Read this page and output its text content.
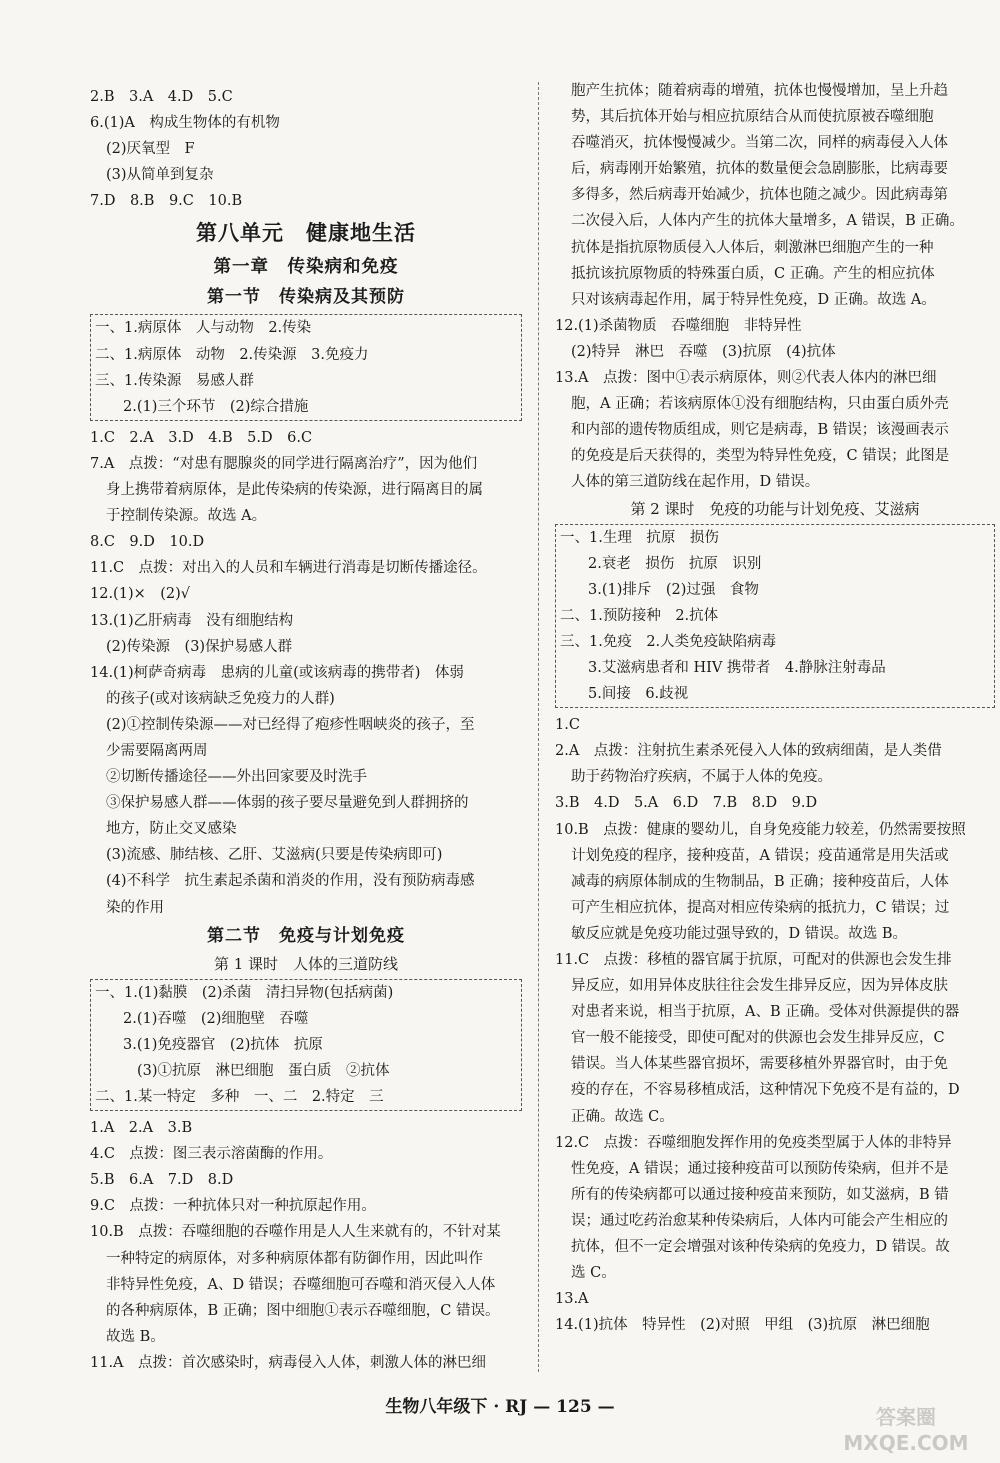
2.B　3.A　4.D　5.C
6.(1)A　构成生物体的有机物
(2)厌氧型　F
(3)从简单到复杂
7.D　8.B　9.C　10.B
第八单元　健康地生活
第一章　传染病和免疫
第一节　传染病及其预防
一、1.病原体　人与动物　2.传染
二、1.病原体　动物　2.传染源　3.免疫力
三、1.传染源　易感人群
2.(1)三个环节　(2)综合措施
1.C　2.A　3.D　4.B　5.D　6.C
7.A　点拨：“对患有腮腺炎的同学进行隔离治疗”，因为他们
身上携带着病原体，是此传染病的传染源，进行隔离目的属
于控制传染源。故选 A。
8.C　9.D　10.D
11.C　点拨：对出入的人员和车辆进行消毒是切断传播途径。
12.(1)×　(2)√
13.(1)乙肝病毒　没有细胞结构
(2)传染源　(3)保护易感人群
14.(1)柯萨奇病毒　患病的儿童(或该病毒的携带者)　体弱
的孩子(或对该病缺乏免疫力的人群)
(2)①控制传染源——对已经得了疱疹性咽峡炎的孩子，至
少需要隔离两周
②切断传播途径——外出回家要及时洗手
③保护易感人群——体弱的孩子要尽量避免到人群拥挤的
地方，防止交叉感染
(3)流感、肺结核、乙肝、艾滋病(只要是传染病即可)
(4)不科学　抗生素起杀菌和消炎的作用，没有预防病毒感
染的作用
第二节　免疫与计划免疫
第 1 课时　人体的三道防线
一、1.(1)黏膜　(2)杀菌　清扫异物(包括病菌)
2.(1)吞噬　(2)细胞壁　吞噬
3.(1)免疫器官　(2)抗体　抗原
(3)①抗原　淋巴细胞　蛋白质　②抗体
二、1.某一特定　多种　一、二　2.特定　三
1.A　2.A　3.B
4.C　点拨：图三表示溶菌酶的作用。
5.B　6.A　7.D　8.D
9.C　点拨：一种抗体只对一种抗原起作用。
10.B　点拨：吞噬细胞的吞噬作用是人人生来就有的，不针对某
一种特定的病原体，对多种病原体都有防御作用，因此叫作
非特异性免疫，A、D 错误；吞噬细胞可吞噬和消灭侵入人体
的各种病原体，B 正确；图中细胞①表示吞噬细胞，C 错误。
故选 B。
11.A　点拨：首次感染时，病毒侵入人体，刺激人体的淋巴细
胞产生抗体；随着病毒的增殖，抗体也慢慢增加，呈上升趋
势，其后抗体开始与相应抗原结合从而使抗原被吞噬细胞
吞噬消灭，抗体慢慢减少。当第二次，同样的病毒侵入人体
后，病毒刚开始繁殖，抗体的数量便会急剧膨胀，比病毒要
多得多，然后病毒开始减少，抗体也随之减少。因此病毒第
二次侵入后，人体内产生的抗体大量增多，A 错误，B 正确。
抗体是指抗原物质侵入人体后，刺激淋巴细胞产生的一种
抵抗该抗原物质的特殊蛋白质，C 正确。产生的相应抗体
只对该病毒起作用，属于特异性免疫，D 正确。故选 A。
12.(1)杀菌物质　吞噬细胞　非特异性
(2)特异　淋巴　吞噬　(3)抗原　(4)抗体
13.A　点拨：图中①表示病原体，则②代表人体内的淋巴细
胞，A 正确；若该病原体①没有细胞结构，只由蛋白质外壳
和内部的遗传物质组成，则它是病毒，B 错误；该漫画表示
的免疫是后天获得的，类型为特异性免疫，C 错误；此图是
人体的第三道防线在起作用，D 错误。
第 2 课时　免疫的功能与计划免疫、艾滋病
一、1.生理　抗原　损伤
2.衰老　损伤　抗原　识别
3.(1)排斥　(2)过强　食物
二、1.预防接种　2.抗体
三、1.免疫　2.人类免疫缺陷病毒
3.艾滋病患者和 HIV 携带者　4.静脉注射毒品
5.间接　6.歧视
1.C
2.A　点拨：注射抗生素杀死侵入人体的致病细菌，是人类借
助于药物治疗疾病，不属于人体的免疫。
3.B　4.D　5.A　6.D　7.B　8.D　9.D
10.B　点拨：健康的婴幼儿，自身免疫能力较差，仍然需要按照
计划免疫的程序，接种疫苗，A 错误；疫苗通常是用失活或
减毒的病原体制成的生物制品，B 正确；接种疫苗后，人体
可产生相应抗体，提高对相应传染病的抵抗力，C 错误；过
敏反应就是免疫功能过强导致的，D 错误。故选 B。
11.C　点拨：移植的器官属于抗原，可配对的供源也会发生排
异反应，如用异体皮肤往往会发生排异反应，因为异体皮肤
对患者来说，相当于抗原，A、B 正确。受体对供源提供的器
官一般不能接受，即使可配对的供源也会发生排异反应，C
错误。当人体某些器官损坏，需要移植外界器官时，由于免
疫的存在，不容易移植成活，这种情况下免疫不是有益的，D
正确。故选 C。
12.C　点拨：吞噬细胞发挥作用的免疫类型属于人体的非特异
性免疫，A 错误；通过接种疫苗可以预防传染病，但并不是
所有的传染病都可以通过接种疫苗来预防，如艾滋病，B 错
误；通过吃药治愈某种传染病后，人体内可能会产生相应的
抗体，但不一定会增强对该种传染病的免疫力，D 错误。故
选 C。
13.A
14.(1)抗体　特异性　(2)对照　甲组　(3)抗原　淋巴细胞
生物八年级下 · RJ — 125 —	答案圈
MXQE.COM
